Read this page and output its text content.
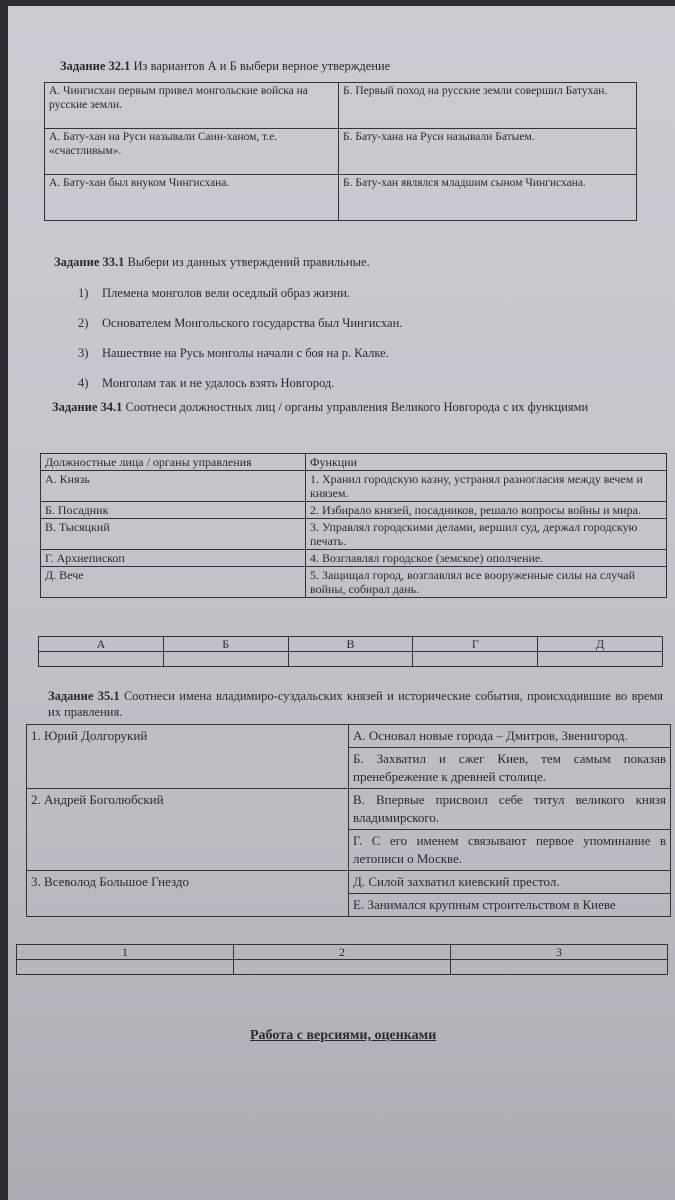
Задание 32.1 Из вариантов А и Б выбери верное утверждение
А. Чингисхан первым привел монгольские войска на русские земли.	Б. Первый поход на русские земли совершил Батухан.
А. Бату-хан на Руси называли Саин-ханом, т.е. «счастливым».	Б. Бату-хана на Руси называли Батыем.
А. Бату-хан был внуком Чингисхана.	Б. Бату-хан являлся младшим сыном Чингисхана.
Задание 33.1 Выбери из данных утверждений правильные.
1) Племена монголов вели оседлый образ жизни.
2) Основателем Монгольского государства был Чингисхан.
3) Нашествие на Русь монголы начали с боя на р. Калке.
4) Монголам так и не удалось взять Новгород.
Задание 34.1 Соотнеси должностных лиц / органы управления Великого Новгорода с их функциями
Должностные лица / органы управления	Функции
А. Князь	1. Хранил городскую казну, устранял разногласия между вечем и князем.
Б. Посадник	2. Избирало князей, посадников, решало вопросы войны и мира.
В. Тысяцкий	3. Управлял городскими делами, вершил суд, держал городскую печать.
Г. Архиепископ	4. Возглавлял городское (земское) ополчение.
Д. Вече	5. Защищал город, возглавлял все вооруженные силы на случай войны, собирал дань.
А	Б	В	Г	Д

Задание 35.1 Соотнеси имена владимиро-суздальских князей и исторические события, происходившие во время их правления.
1. Юрий Долгорукий	А. Основал новые города – Дмитров, Звенигород.
	Б. Захватил и сжег Киев, тем самым показав пренебрежение к древней столице.
2. Андрей Боголюбский	В. Впервые присвоил себе титул великого князя владимирского.
	Г. С его именем связывают первое упоминание в летописи о Москве.
3. Всеволод Большое Гнездо	Д. Силой захватил киевский престол.
	Е. Занимался крупным строительством в Киеве
1	2	3

Работа с версиями, оценками
